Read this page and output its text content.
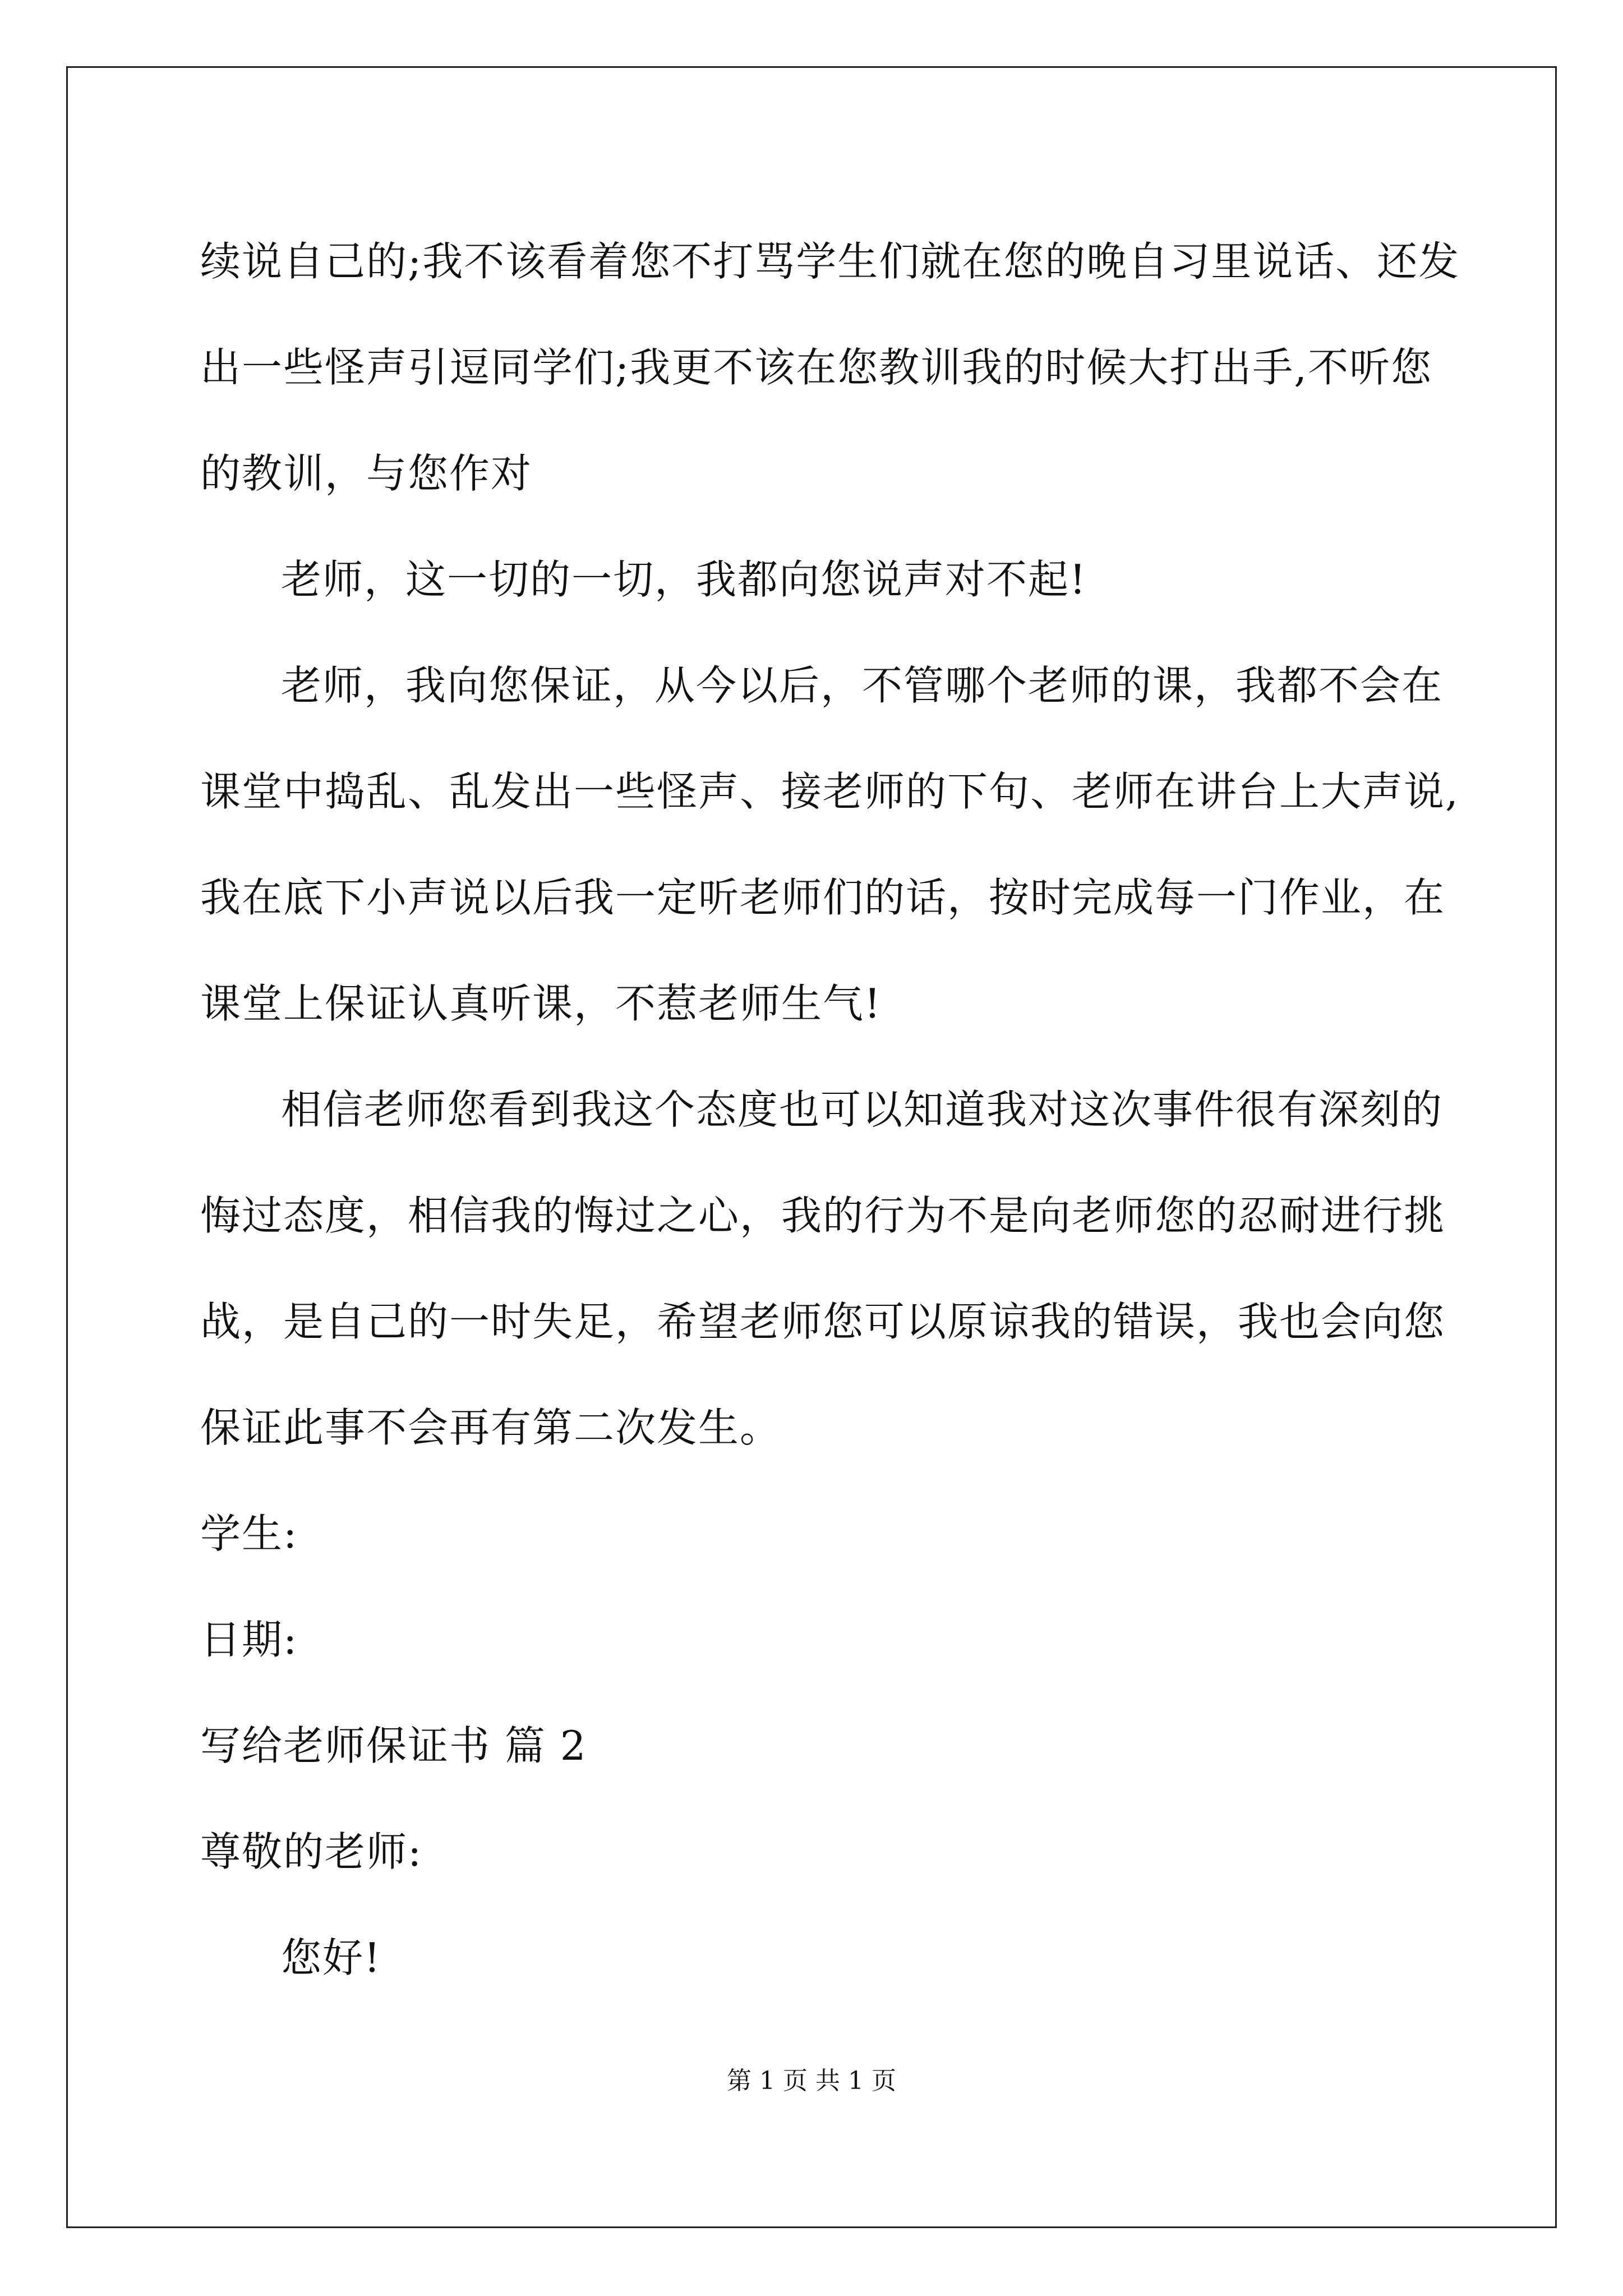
续说自己的;我不该看着您不打骂学生们就在您的晚自习里说话、还发
出一些怪声引逗同学们;我更不该在您教训我的时候大打出手,不听您
的教训，与您作对
老师，这一切的一切，我都向您说声对不起!
老师，我向您保证，从今以后，不管哪个老师的课，我都不会在
课堂中捣乱、乱发出一些怪声、接老师的下句、老师在讲台上大声说,
我在底下小声说以后我一定听老师们的话，按时完成每一门作业，在
课堂上保证认真听课，不惹老师生气!
相信老师您看到我这个态度也可以知道我对这次事件很有深刻的
悔过态度，相信我的悔过之心，我的行为不是向老师您的忍耐进行挑
战，是自己的一时失足，希望老师您可以原谅我的错误，我也会向您
保证此事不会再有第二次发生。
学生:
日期:
写给老师保证书 篇 2
尊敬的老师:
您好!
第 1 页 共 1 页
